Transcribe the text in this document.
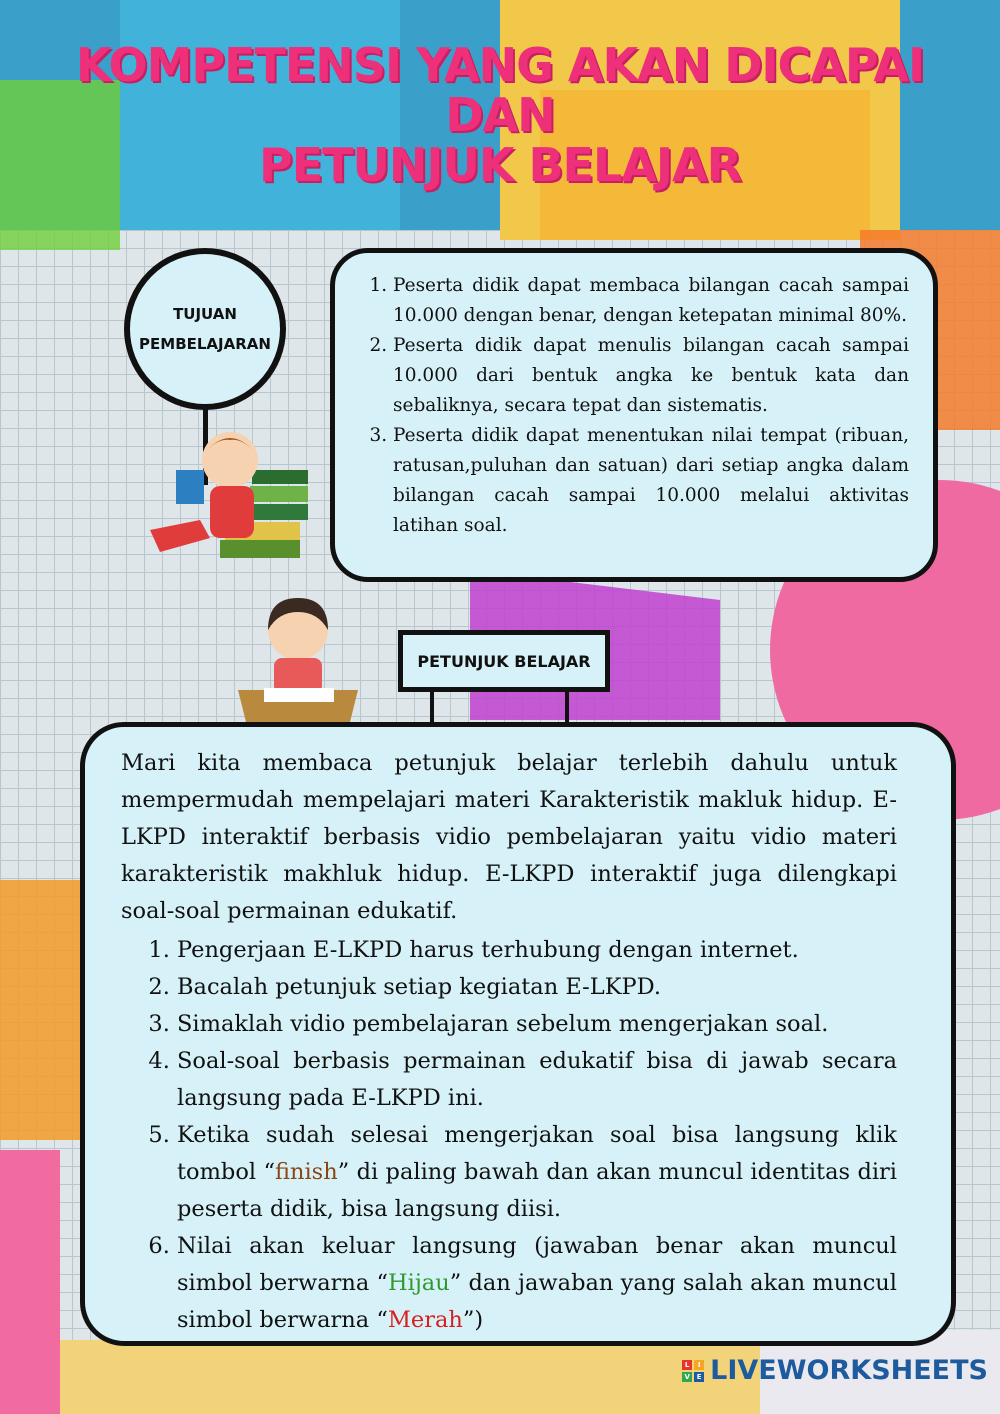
KOMPETENSI YANG AKAN DICAPAI
DAN
PETUNJUK BELAJAR
TUJUAN
PEMBELAJARAN
1. Peserta didik dapat membaca bilangan cacah sampai 10.000 dengan benar, dengan ketepatan minimal 80%.
2. Peserta didik dapat menulis bilangan cacah sampai 10.000 dari bentuk angka ke bentuk kata dan sebaliknya, secara tepat dan sistematis.
3. Peserta didik dapat menentukan nilai tempat (ribuan, ratusan,puluhan dan satuan) dari setiap angka dalam bilangan cacah sampai 10.000 melalui aktivitas latihan soal.
PETUNJUK BELAJAR

Mari kita membaca petunjuk belajar terlebih dahulu untuk mempermudah mempelajari materi Karakteristik makluk hidup. E-LKPD interaktif berbasis vidio pembelajaran yaitu vidio materi karakteristik makhluk hidup. E-LKPD interaktif juga dilengkapi soal-soal permainan edukatif.

1. Pengerjaan E-LKPD harus terhubung dengan internet.
2. Bacalah petunjuk setiap kegiatan E-LKPD.
3. Simaklah vidio pembelajaran sebelum mengerjakan soal.
4. Soal-soal berbasis permainan edukatif bisa di jawab secara langsung pada E-LKPD ini.
5. Ketika sudah selesai mengerjakan soal bisa langsung klik tombol “finish” di paling bawah dan akan muncul identitas diri peserta didik, bisa langsung diisi.
6. Nilai akan keluar langsung (jawaban benar akan muncul simbol berwarna “Hijau” dan jawaban yang salah akan muncul simbol berwarna “Merah”)
L	I
V E LIVEWORKSHEETS
